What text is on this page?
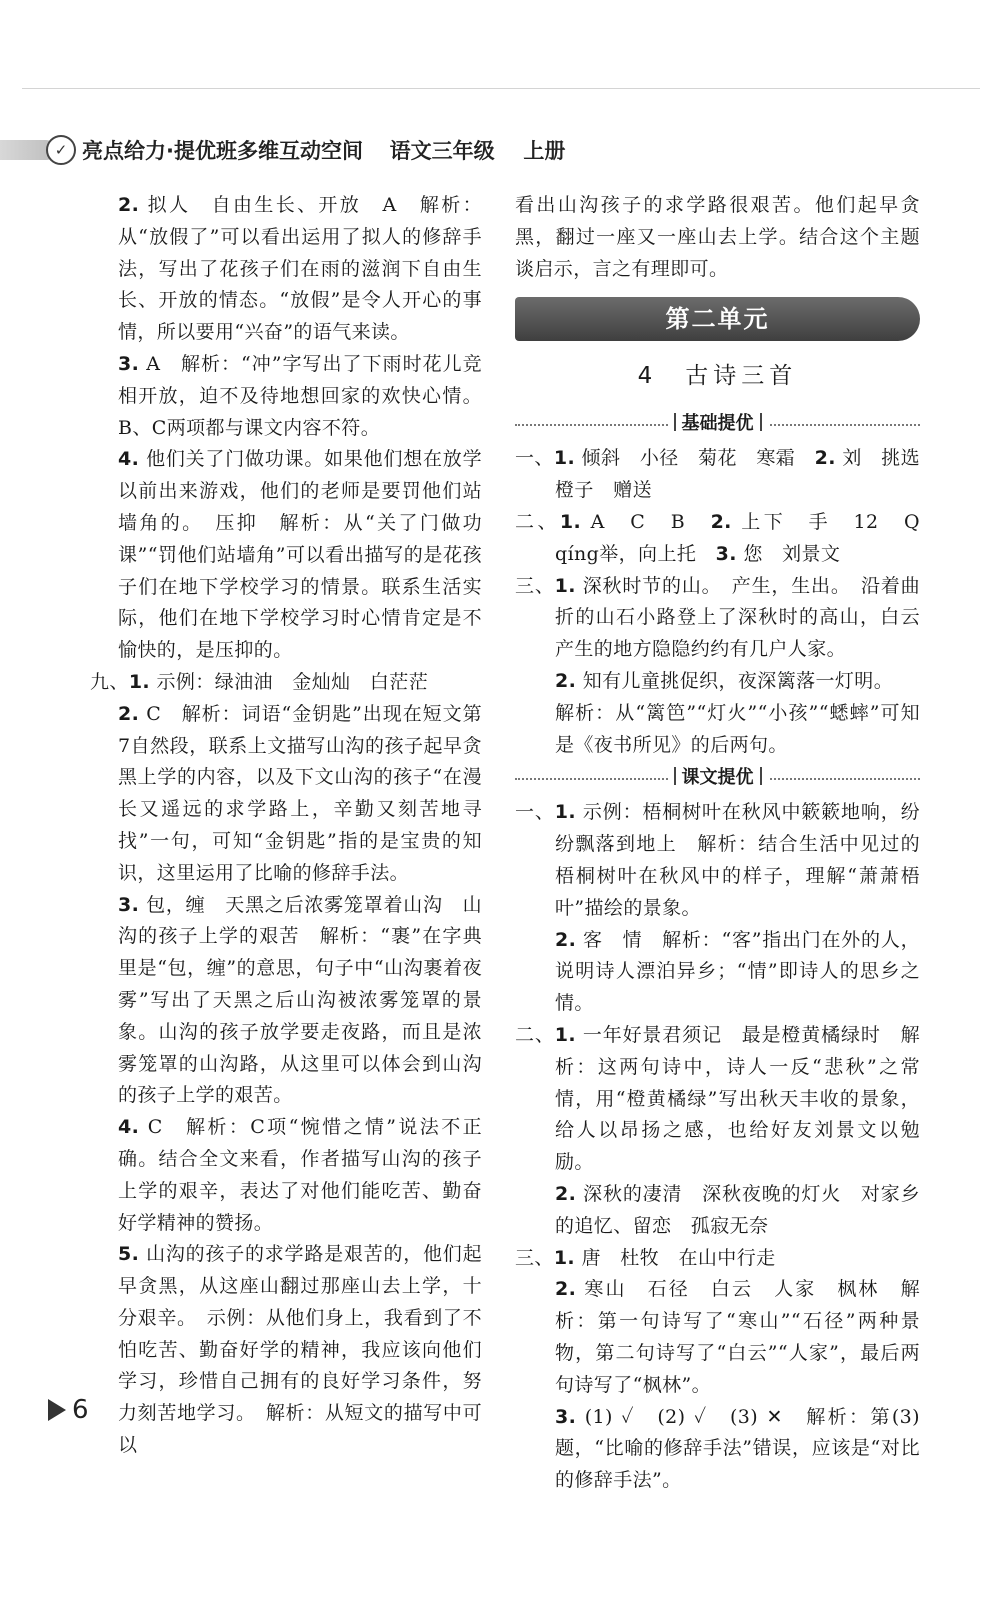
✓ 亮点给力·提优班多维互动空间 语文三年级 上册

2. 拟人　自由生长、开放　A　解析：从“放假了”可以看出运用了拟人的修辞手法，写出了花孩子们在雨的滋润下自由生长、开放的情态。“放假”是令人开心的事情，所以要用“兴奋”的语气来读。

3. A　解析：“冲”字写出了下雨时花儿竞相开放，迫不及待地想回家的欢快心情。B、C两项都与课文内容不符。

4. 他们关了门做功课。如果他们想在放学以前出来游戏，他们的老师是要罚他们站墙角的。　压抑　解析：从“关了门做功课”“罚他们站墙角”可以看出描写的是花孩子们在地下学校学习的情景。联系生活实际，他们在地下学校学习时心情肯定是不愉快的，是压抑的。

九、1. 示例：绿油油　金灿灿　白茫茫

2. C　解析：词语“金钥匙”出现在短文第7自然段，联系上文描写山沟的孩子起早贪黑上学的内容，以及下文山沟的孩子“在漫长又遥远的求学路上，辛勤又刻苦地寻找”一句，可知“金钥匙”指的是宝贵的知识，这里运用了比喻的修辞手法。

3. 包，缠　天黑之后浓雾笼罩着山沟　山沟的孩子上学的艰苦　解析：“裹”在字典里是“包，缠”的意思，句子中“山沟裹着夜雾”写出了天黑之后山沟被浓雾笼罩的景象。山沟的孩子放学要走夜路，而且是浓雾笼罩的山沟路，从这里可以体会到山沟的孩子上学的艰苦。

4. C　解析：C项“惋惜之情”说法不正确。结合全文来看，作者描写山沟的孩子上学的艰辛，表达了对他们能吃苦、勤奋好学精神的赞扬。

5. 山沟的孩子的求学路是艰苦的，他们起早贪黑，从这座山翻过那座山去上学，十分艰辛。　示例：从他们身上，我看到了不怕吃苦、勤奋好学的精神，我应该向他们学习，珍惜自己拥有的良好学习条件，努力刻苦地学习。　解析：从短文的描写中可以

看出山沟孩子的求学路很艰苦。他们起早贪黑，翻过一座又一座山去上学。结合这个主题谈启示，言之有理即可。

第二单元
4　古诗三首
基础提优

一、1. 倾斜　小径　菊花　寒霜　2. 刘　挑选　橙子　赠送

二、1. A　C　B　2. 上下　手　12　Q　qíng举，向上托　3. 您　刘景文

三、1. 深秋时节的山。　产生，生出。　沿着曲折的山石小路登上了深秋时的高山，白云产生的地方隐隐约约有几户人家。

2. 知有儿童挑促织，夜深篱落一灯明。

解析：从“篱笆”“灯火”“小孩”“蟋蟀”可知是《夜书所见》的后两句。

课文提优

一、1. 示例：梧桐树叶在秋风中簌簌地响，纷纷飘落到地上　解析：结合生活中见过的梧桐树叶在秋风中的样子，理解“萧萧梧叶”描绘的景象。

2. 客　情　解析：“客”指出门在外的人，说明诗人漂泊异乡；“情”即诗人的思乡之情。

二、1. 一年好景君须记　最是橙黄橘绿时　解析：这两句诗中，诗人一反“悲秋”之常情，用“橙黄橘绿”写出秋天丰收的景象，给人以昂扬之感，也给好友刘景文以勉励。

2. 深秋的凄清　深秋夜晚的灯火　对家乡的追忆、留恋　孤寂无奈

三、1. 唐　杜牧　在山中行走

2. 寒山　石径　白云　人家　枫林　解析：第一句诗写了“寒山”“石径”两种景物，第二句诗写了“白云”“人家”，最后两句诗写了“枫林”。

3. (1) ✓　(2) ✓　(3) ✕　解析：第(3)题，“比喻的修辞手法”错误，应该是“对比的修辞手法”。

6
